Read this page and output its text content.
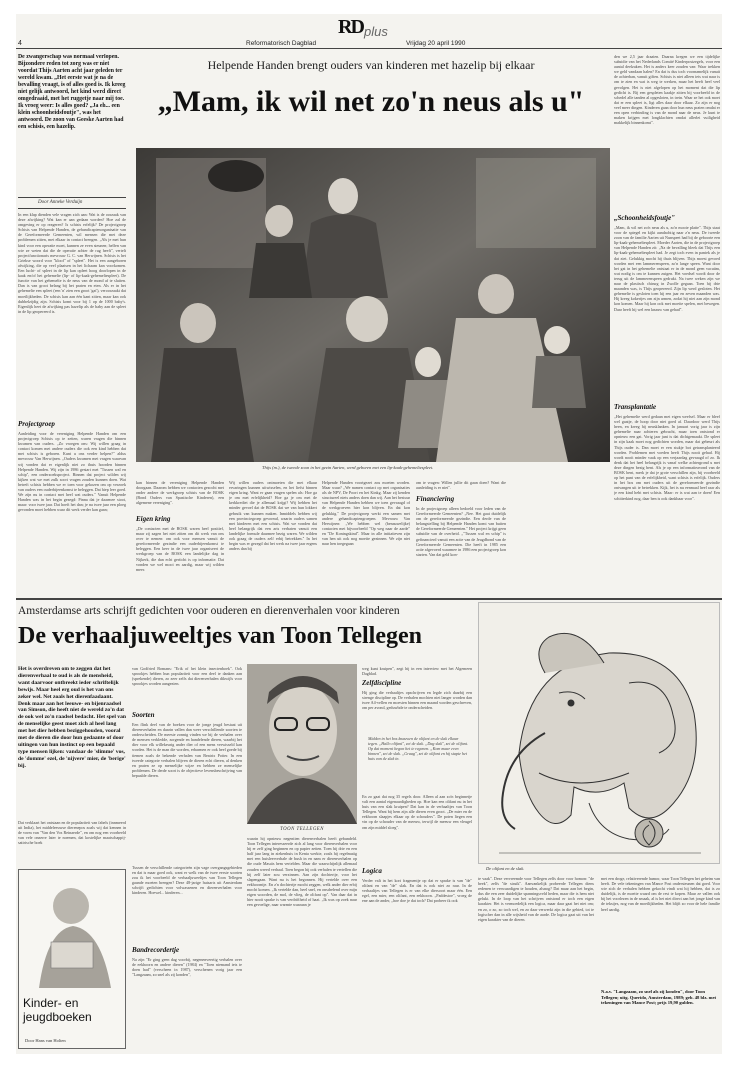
RD plus
4	Reformatorisch Dagblad	Vrijdag 20 april 1990
De zwangerschap was normaal verlopen. Bijzondere reden tot zorg was er niet voordat Thijs Aarten acht jaar geleden ter wereld kwam. „Het eerste wat je na de bevalling vraagt, is of alles goed is. Ik kreeg niet gelijk antwoord, het kind werd direct omgedraaid, met het ruggetje naar mij toe. Ik vroeg weer: Is alles goed? „Ja eh... een klein schoonheidsfoutje", was het antwoord. De zoon van Geeske Aarten had een schisis, een hazelip.
Door Anneke Verduijn
In een klap dienden vele vragen zich aan: Wat is de oorzaak van deze afwijking? Wat kan er aan gedaan worden? Hoe zal de omgeving er op reageren? Is schisis erfelijk? De projectgroep Schisis van Helpende Handen, de gehandicaptenorganisatie van de Gereformeerde Gemeenten, wil mensen die met deze problemen zitten, met elkaar in contact brengen. „Als je met hun kind voor een operatie moet, kunnen ze even steunen; helfen van wie ze weten dat die de operatie achter de rug heeft", vertelt projectfunctionaris mevrouw G. C. van Herwijnen. Schisis is het Griekse woord voor "kloof" of "spleet". Het is een aangeboren afwijking, die op veel plaatsen in het lichaam kan voorkomen. Een lucht- of spleet in de lip kan opleet hoog doorlopen in de kaak en/of het gehemelte (lip- of lip-kaak-gehemeltespleet). De functie van het gehemelte is de neus van de mond af te sluiten. Dan is van groot belang bij het praten en eten. Als er in het gehemelte een spleet (een 'n' zien een groot 'gat'), veroorzaakt dat moeilijkheden. De schisis kan aan één kant zitten, maar kan ook dubbelzijdig zijn. Schisis komt voor bij 1 op de 1000 baby's. Eigenlijk heet de afwijking pas hazelip als de baby aan de spleet in de lip geopereerd is.
Projectgroep
Aanleiding voor de vereniging Helpende Handen om een projectgroep Schisis op te zetten, waren vragen die binnen kwamen van ouders. „Zo vroegen ons: Wij willen graag in contact komen met andere ouders die ook een kind hebben dat met schisis is geboren. Kunt u ons verder helpen?" aldus mevrouw Van Herwijnen. „Ouders kwamen met vragen waarvan wij vonden dat er eigenlijk niet zo thuis hoorden binnen Helpende Handen. Wij zijn in 1986 gestart met "Tussen wal en schip", een onderzoeksproject. Binnen dat project wilden wij kijken wat we met zulk soort vragen zouden kunnen doen. Wat betreft schisis hebben we er toen voor gekozen om op verzoek van ouders een ouderbijeenkomst te beleggen. Dat hiep leer goed. We zijn nu in contact met heel wat ouders." Vanuit Helpende Handen was in het begin gezegd: Pinna dat je daarmee stoot, maar: voor twee jaar. Dat hoeft het dan; je na twee jaar een ploeg gevonden moet hebben waar dit werk verder kan gaan;
Helpende Handen brengt ouders van kinderen met hazelip bij elkaar
„Mam, ik wil net zo'n neus als u"
Thijs (m.), de tweede zoon in het gezin Aarten, werd geboren met een lip-kaak-gehemeltespleet.
kan binnen de vereniging Helpende Handen doorgaan. Daarom hebben we contacten gezocht met onder andere de werkgroep schisis van de BOSK (Bond Ouders van Spastische Kinderen), een algemene vereniging".
Eigen kring
„De contacten met de BOSK waren heel positief, maar zij zagen het niet zitten om dit werk van ons over te nemen: om ook voor mensen vanuit de gereformeerde gezindte een ouderbijeenkomst te beleggen. Een keer in de twee jaar organiseert de werkgroep van de BOSK een landelijke dag in Nijkerk, die dan echt geriicht is op informatie. Dat vonden we wel mooi en aardig, maar wij wilden meer.
Wij willen ouders ontmoeten die met elkaar ervaringen kunnen uitwisselen, en het liefst binnen eigen kring. Want er gaan vragen spelen als: Hoe ga je om met erfelijkheid? Hoe ga je om met de kerkkrediet die je allemaal krijgt? Wij hebben het minder gevoel dat de BOSK dat we van hun lokkert gebruik van kunnen maken. Inmiddels hebben wij een provinciegroep gevormd, waarin ouders samen met kinderen met een schisis. Wat we vonden dat heel belangrijk dat een arts verbaten vanuit een landelijke formule daarmee bezig waren. We wilden ook graag de ouders zelf erbij betrekken." In het begin was er gezegd dat het werk na twee jaar ergens anders dan bij
Helpende Handen voortgezet zou moeten worden. Maar waar? „We namen contact op met organisaties als de NPV, De Poort en het Kinkg. Maar zij kenden structureel niets anders doen dan wij. Aan het bestuur van Helpende Handen hebben we toen gevraagd of de werkgroeven hier kon blijven. En dat kon gelukkig." De projectgroep werkt een samen met andere gehandicaptengroepen. Mevrouw Van Herwijnen: „We hebben wel (benauwelijke) contacten met bijvoorbeeld "Op weg naar de aarde" en "De Koningskind". Maar in alle initiatieven zijn van hen uit ook nog moeite gezinnen. We zijn niet naar hen toegegaan
om te vragen: Willen jullie dit gaan doen? Want die aanleiding is er niet".
Financiering
In de projectgroep alleen bedoeld voor leden van de Gereformeerde Gemeenten? „Nee. Het gaat duidelijk om de gereformeerde gezindte. Een derde van de belangstelling bij Helpende Handen komt van buiten de Gereformeerde Gemeenten." Het project krijgt geen subsidie van de overheid. „"Tussen wal en schip" is gefinancierd vanuit een actie van de Jeugdbond van de Gereformeerde Gemeenten. Die heeft in 1985 een actie afgevoerd waarmee in 1986 een projectgroep kon starten. Van dat geld kon-
den we 2,5 jaar draaien. Daarna kregen we een tijdelijke subsidie van het Nederlands Comité Kinderpostzegels, voor een aantal deelzaken. Het is anders keer zouden van: Waar trekken we geld vandaan halen? En dat is dus toch voornamelijk vanuit de achterban, vanuit giften. Schisis is niet alleen iets wat naar is om te zien en wat is weg te werken, maar het heeft heel veel gevolgen. Het is niet afgelopen op het moment dat die lip gedicht is. Bij een gespleten kaakje zitten bij voorbeeld in de schedel alle tanden al opgesloten, in trein. Waar ze het ook moet dat er een spleet is, ligt alles daar door elkaar. Zo zijn er nog veel meer dingen. Kinderen gaan door hun neus praten omdat er een open verbinding is van de mond naar de neus. Je kunt te maken krijgen met longklachten omdat allerlei vuiligheid makkelijk binnenkomt".
„Schoonheidsfoutje"
„Mam, ik wil net zo'n neus als u, zo'n mooie platte". Thijs staat voor de spiegel en kijkt aandachtig naar z'n neus. De tweede zoon van de familie Aarten uit Nunspeet had bij de geboorte een lip-kaak-gehemeltespleet. Moeder Aarten, die in de projectgroep van Helpende Handen zit: „Na de bevalling bleek dat Thijs een lip-kaak-gehemeltespleet had. Je zegt toch even in paniek als je dat ziet. Gelukkig mocht hij thuis blijven. Thijs moest gevoed worden met een lammerenspeen, zo'n lange speen. Want door het gat in het gehemelte ontstaat er in de mond geen vacuüm, wat nodig is om te kunnen zuigen. Het voedsel wordt door de terug uit de lammerenspeen gedrukt. Na twee weken zijn we naar de plastisch chirurg in Zwolle gegaan. Toen hij drie maanden was, is Thijs geopereerd. Zijn lip werd gesloten. Het gehemelte is gesloten toen hij een jaar en zeven maanden was. Hij kreeg kokertjes om zijn armen, zodat hij niet aan zijn mond kon komen. Maar hij kon ook met moeite spelen, met bewegen. Daar heeft hij wel een knauw van gehad".
Transplantatie
„Het gehemelte werd gedaan met eigen weefsel. Maar er bleef wel gaatje, de hoop door niet goed af. Daardoor werd Thijs heen, en kreeg hij neusklanken. In januari vorig jaar is zijn gehemelte naar achteren gebracht, maar toen ontstond er opnieuw een gat. Vorig jaar juni is dat dichtgemaakt. De spleet in zijn kaak moet nog gedichten worden, maar dat gebeurt als Thijs ouder is. Dan moet er een stukje bot getransplanteerd worden. Problemen met voeden heeft Thijs nooit gehad. Hij wordt nooit minder vaak op een verjaardag gevraagd of zo. Ik denk dat het heel belangrijk is vanaf welke achtergrond u met deze dingen bezig bent. Als je op een informatieavond van de BOSK bent, merk je dat je grote verschillen zijn, bij voorbeeld op het punt van de erfelijkheid, want schisis is erfelijk. Ouders in het bos om met ouders uit de gereformeerde gezindte ontvangen uit te betrekken. Kijk, het is nu eenmaal heel raar als je een kind hebt met schisis. Maar: er is wat aan te doen! Een schitterkind nog, daar ben is ook dankbaar voor".
Amsterdamse arts schrijft gedichten voor ouderen en dierenverhalen voor kinderen
De verhaaljuweeltjes van Toon Tellegen
Het is overdreven om te zeggen dat het dierenverhaal te oud is als de mensheid, want daarvoor ontbreekt ieder schriftelijk bewijs. Maar heel erg oud is het van ons zeker wel. Net zoals het dierenfaadaant. Denk maar aan het leeuwe- en bijenraadsel van Simson, die heeft niet de wereld zo'n dat de ook wel zo'n raadsel bedacht. Het spel van de menselijke geest moet zich al heel lang met het dier hebben beziggehouden, vooral met de dieren die door hun gedaante of door uitingen van hun instinct op een bepaald type mensen lijken: vandaar de 'slimme' vos, de 'domme' ezel, de 'nijvere' mier, de 'berige' bij.
Dat verklaart het ontstaan en de populariteit van fabels (innmeerd uit India), het middeleeuwse dierenepos zoals wij dat kennen in de vorm van "Van den Vos Reinaerde", en om nog een voorbeeld van vele onzerre later te noemen, dat kostelijke maatschappij-satirische boek
Kinder- en jeugdboeken
Door Hans van Holten
van Godfried Bomans: "Erik of het klein insectenboek". Ook sprookjes hebben hun populariteit voor een deel te danken aan (sprekende) dieren, zo zeer zelfs dat dierenverhalen dikwijls voor sprookjes worden aangezien.
Soorten
Een flink deel van de boeken voor de jonge jeugd bestaat uit dierenverhalen en daarin vallen dan weer verschillende soorten te onderscheiden. De meeste zonnig vinden we bij de verhalen over de mensen verkledde, zorgende en handelende dieren, waarbij het dier voor elk willekeurig ander dier of een mens verwisseld kan worden. Het is de man die worden, erbarmen er ook heel goede bij tiemen zoals de bekende verhalen van Beatrix Potter. In een tweede categorie verhalen blijven de dieren echt dieren, al denken en praten ze op menselijke wijze en hebben ze menselijke problemen. De derde soort is de objectieve levensbeschrijving van bepaalde dieren.
Tussen de verschillende categorieën zijn vage overgangsgebieden en dat is maar goed ook, want er welk van de twee eerste soorten zou ik het voorbeeld de verhaaljuweeltjes van Toon Tellegen gaande moeten brengen? Deze 48-jarige huisarts uit Amsterdam schrijft gedichten voor volwassenen en dierenverhalen voor kinderen. Hoewel... kinderen...
Bandrecordertje
Na zijn "Er ging geen dag voorbij, negenenveertig verhalen over de eekhoorn en andere dieren" (1984) en "Toen niemand iets te doen had" (verscheen in 1987), verschenen vorig jaar een "Langzaam, zo snel als zij konden",
TOON TELLEGEN
waarin hij opnieuw negentien dierenverhalen heeft gebundeld. Toon Tellegen interesseerde zich al lang voor dierenverhalen voor hij er zelf ging beginnen en op papier zetten. Toen hij drie en een half jaar lang in ziekenhuis in Kenia werkte, zoals hij regelmatig met een huisleerverhale de bush in en nam er dierenverhalen op die oude Masaïs hem vertelden. Maar die waarschijnlijk allemaal zouden wreed verhaal. Toen begon hij ook verhalen te vertellen die hij zelf later zou verzinnen. Aan zijn dochtertje, voor het slapengaan. Want nu is het begonnen. Hij vertelde over een eekhoorntje. En z'n dochtertje mocht zeggen, welk ander dier erbij mocht komen. „Ik vertelde dan, heel snel, en onsdrelend over mijn eigen woorden, de mol, de vlieg, de olifant op". Van daar dat in hier nooit sprake is van verdriftheid of haat. „Ik was op zoek naar een gevoelige, naar warmte waaraan je
weg kunt kruipen", zegt hij in een interview met het Algemeen Dagblad.
Zelfdiscipline
Hij ging die verhaaltjes opschrijven en legde zich daarbij een strenge discipline op. De verhalen mochten niet langer worden dan twee A4-vellen en moesten binnen een maand worden geschreven, om per avond, geduwbde te onderscheiden.
Midden in het bos knauwen de olifant en de slak elkaar tegen. „Hallo olifant", zei de slak. „Dag slak", zei de olifant. Op dat moment begon het te regenen. „Kom maar even binnen", zei de slak. „Graag", zei de olifant en hij stapte het huis van de slak in.
En zo gaat dat nog 35 regels door. Alleen al aan zo'n beginnetje valt een aantal eigenaardigheden op. Hoe kan een olifant nu in het huis van een slak kruipen? Dat kan in de verhaaltjes van Toon Tellegen. Want bij hem zijn alle dieren even groot. „De mier en de eekhoorn slaapjes elkaar op de schouders". De poten liegen een vin op de schouder van de meeuw, terwijl de meeuw een vleugel om zijn middel sloeg".
Logica
Verder valt in het kort fragmentje op dat er sprake is van "de" olifant en van "de" slak. En dat is ook niet zo raar. In de verhaaltjes van Tellegen is er van elke diersoort maar één. Een egel, een mier, een olifant, een eekhoorn. „Paddestoe", vroeg de ene aan de ander, „hoe doe je dat toch? Dat probeer ik ook
De olifant en de slak.
te vaak". Deze vervreemde voor Tellegen zelfs door voor homon: "de beek", zelfs "de struik". Aanvankelijk probeerde Tellegen diens redenen te verwaardigen te houden, alsnog? Dat maar aan het begin, dus die een zeer duidelijke spanningsveld heden, maar die is hem niet gelukt. In de loop van het schrijven ontstond er toch een eigen karakter. Het is vermoedelijk een logica, maar daar gaat het niet om; en zo, o zo, zo toch wel, en zo daar verwerkt zijn in die gebied, tot te logischer dan in alle wijsheid van de aarde. De logica gaat uit van het eigen karakter van de dieren.
met een droge, relativerende humor, waar Toon Tellegen het geheim van heeft. De vele tekeningen van Mance Post ondersteunen dat goed. Voor wie zich de verhalen hebben gekocht vindt wat hij hebben, dat is zo duidelijk, is de moeite waard om de rest te kopen. Maar ze vallen ook bij het voorlezen in de smaak, al is het niet direct aan het jonge kind van de tekstjes, nog van de moeilijkheden. Het blijft zo voor de hele familie heel aardig.
N.a.v. "Langzaam, zo snel als zij konden", door Toon Tellegen; uitg. Querido, Amsterdam, 1989; geb. 48 blz. met tekeningen van Mance Post; prijs 19,90 gulden.
